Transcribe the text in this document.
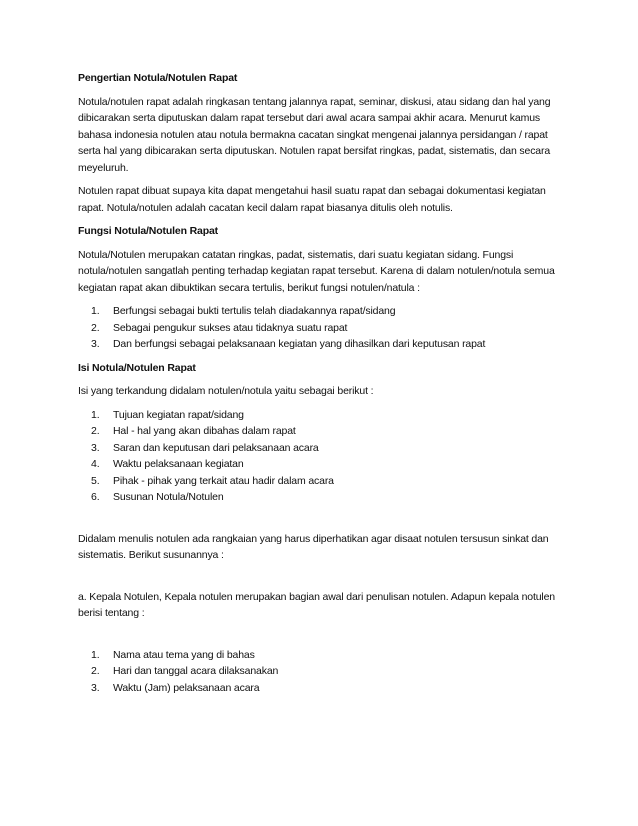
Pengertian Notula/Notulen Rapat

Notula/notulen rapat adalah ringkasan tentang jalannya rapat, seminar, diskusi, atau sidang dan hal yang dibicarakan serta diputuskan dalam rapat tersebut dari awal acara sampai akhir acara. Menurut kamus bahasa indonesia notulen atau notula bermakna cacatan singkat mengenai jalannya persidangan / rapat serta hal yang dibicarakan serta diputuskan. Notulen rapat bersifat ringkas, padat, sistematis, dan secara meyeluruh.

Notulen rapat dibuat supaya kita dapat mengetahui hasil suatu rapat dan sebagai dokumentasi kegiatan rapat. Notula/notulen adalah cacatan kecil dalam rapat biasanya ditulis oleh notulis.

Fungsi Notula/Notulen Rapat

Notula/Notulen merupakan catatan ringkas, padat, sistematis, dari suatu kegiatan sidang. Fungsi notula/notulen sangatlah penting terhadap kegiatan rapat tersebut. Karena di dalam notulen/notula semua kegiatan rapat akan dibuktikan secara tertulis, berikut fungsi notulen/natula :

1. Berfungsi sebagai bukti tertulis telah diadakannya rapat/sidang
2. Sebagai pengukur sukses atau tidaknya suatu rapat
3. Dan berfungsi sebagai pelaksanaan kegiatan yang dihasilkan dari keputusan rapat

Isi Notula/Notulen Rapat

Isi yang terkandung didalam notulen/notula yaitu sebagai berikut :

1. Tujuan kegiatan rapat/sidang
2. Hal - hal yang akan dibahas dalam rapat
3. Saran dan keputusan dari pelaksanaan acara
4. Waktu pelaksanaan kegiatan
5. Pihak - pihak yang terkait atau hadir dalam acara
6. Susunan Notula/Notulen

Didalam menulis notulen ada rangkaian yang harus diperhatikan agar disaat notulen tersusun sinkat dan sistematis. Berikut susunannya :

a. Kepala Notulen, Kepala notulen merupakan bagian awal dari penulisan notulen. Adapun kepala notulen berisi tentang :

1. Nama atau tema yang di bahas
2. Hari dan tanggal acara dilaksanakan
3. Waktu (Jam) pelaksanaan acara
